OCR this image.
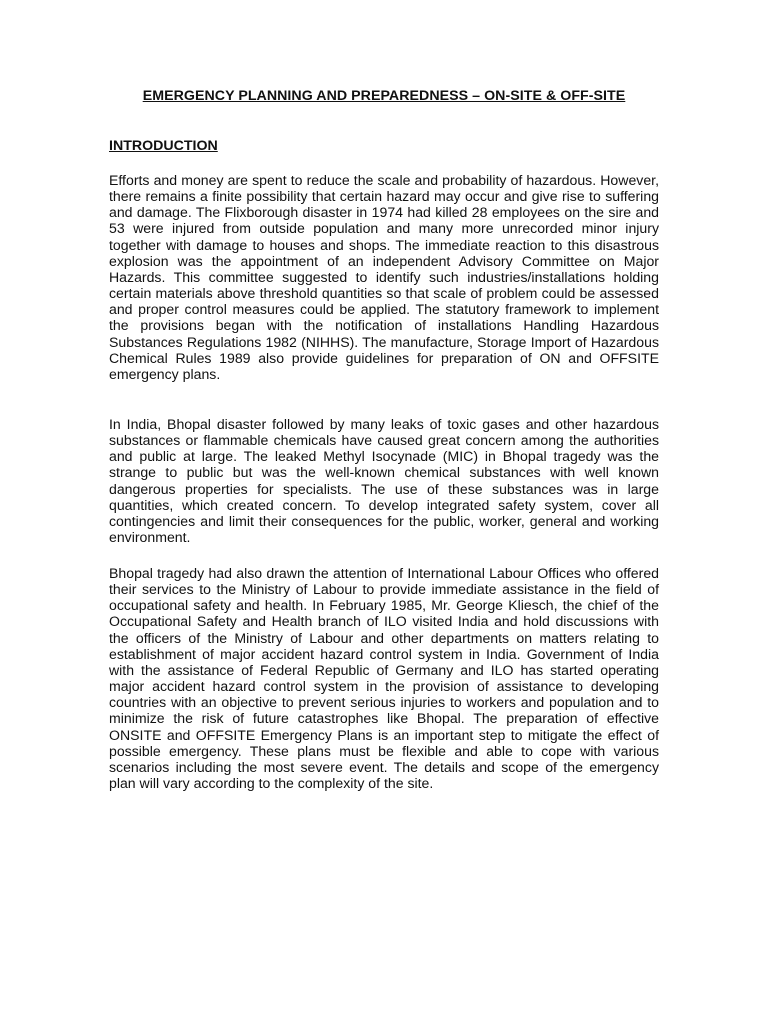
EMERGENCY PLANNING AND PREPAREDNESS – ON-SITE & OFF-SITE
INTRODUCTION

Efforts and money are spent to reduce the scale and probability of hazardous. However, there remains a finite possibility that certain hazard may occur and give rise to suffering and damage. The Flixborough disaster in 1974 had killed 28 employees on the sire and 53 were injured from outside population and many more unrecorded minor injury together with damage to houses and shops. The immediate reaction to this disastrous explosion was the appointment of an independent Advisory Committee on Major Hazards. This committee suggested to identify such industries/installations holding certain materials above threshold quantities so that scale of problem could be assessed and proper control measures could be applied. The statutory framework to implement the provisions began with the notification of installations Handling Hazardous Substances Regulations 1982 (NIHHS). The manufacture, Storage Import of Hazardous Chemical Rules 1989 also provide guidelines for preparation of ON and OFFSITE emergency plans.

In India, Bhopal disaster followed by many leaks of toxic gases and other hazardous substances or flammable chemicals have caused great concern among the authorities and public at large. The leaked Methyl Isocynade (MIC) in Bhopal tragedy was the strange to public but was the well-known chemical substances with well known dangerous properties for specialists. The use of these substances was in large quantities, which created concern. To develop integrated safety system, cover all contingencies and limit their consequences for the public, worker, general and working environment.

Bhopal tragedy had also drawn the attention of International Labour Offices who offered their services to the Ministry of Labour to provide immediate assistance in the field of occupational safety and health. In February 1985, Mr. George Kliesch, the chief of the Occupational Safety and Health branch of ILO visited India and hold discussions with the officers of the Ministry of Labour and other departments on matters relating to establishment of major accident hazard control system in India. Government of India with the assistance of Federal Republic of Germany and ILO has started operating major accident hazard control system in the provision of assistance to developing countries with an objective to prevent serious injuries to workers and population and to minimize the risk of future catastrophes like Bhopal. The preparation of effective ONSITE and OFFSITE Emergency Plans is an important step to mitigate the effect of possible emergency. These plans must be flexible and able to cope with various scenarios including the most severe event. The details and scope of the emergency plan will vary according to the complexity of the site.
